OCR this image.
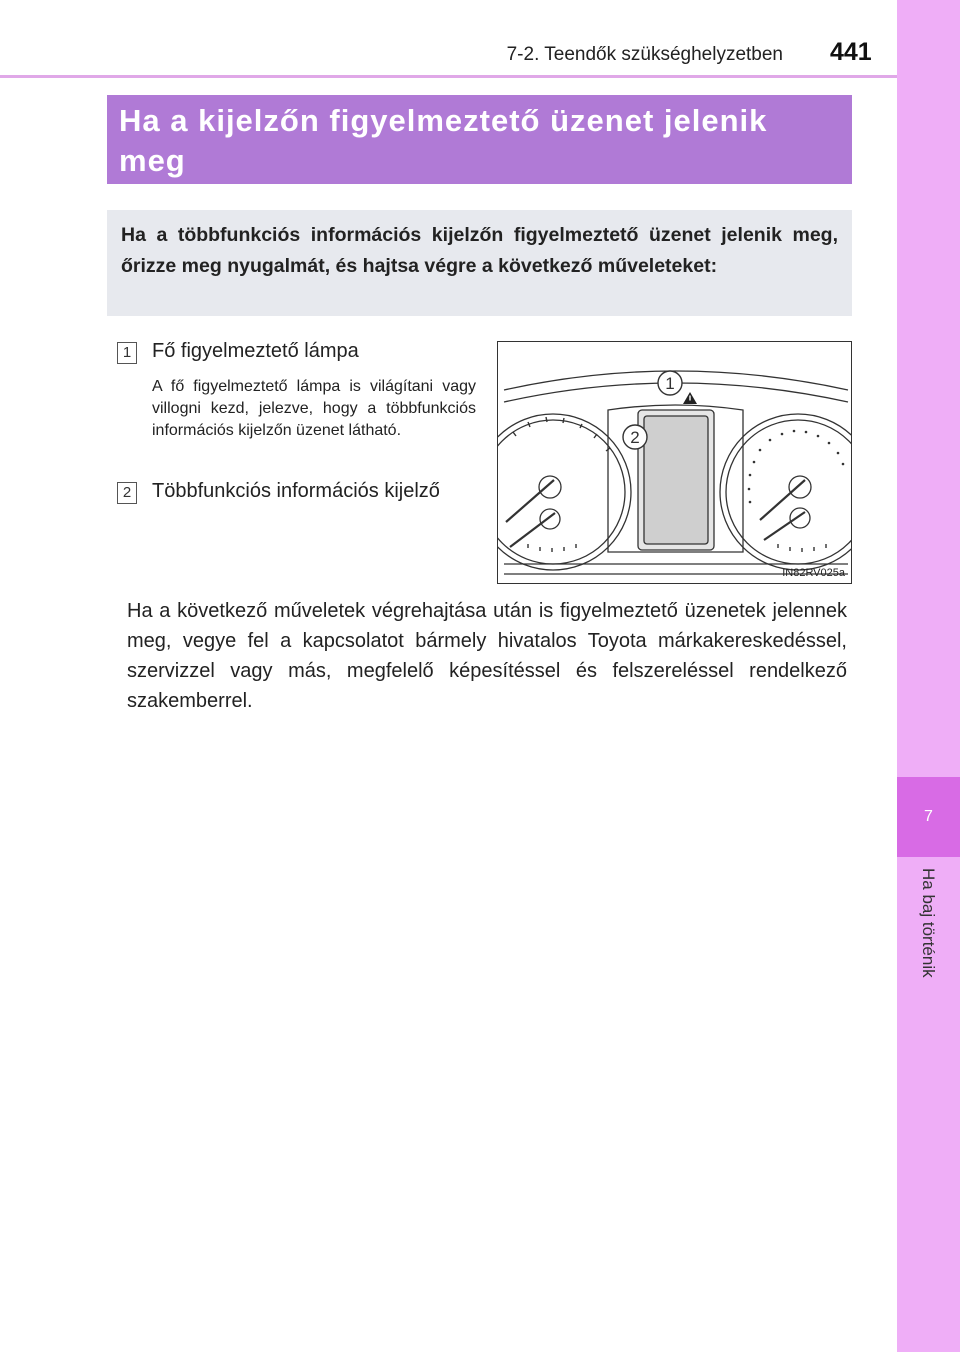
7-2. Teendők szükséghelyzetben 441
7
Ha baj történik
Ha a kijelzőn figyelmeztető üzenet jelenik meg

Ha a többfunkciós információs kijelzőn figyelmeztető üzenet jelenik meg, őrizze meg nyugalmát, és hajtsa végre a következő műveleteket:

1 Fő figyelmeztető lámpa

A fő figyelmeztető lámpa is világítani vagy villogni kezd, jelezve, hogy a többfunkciós információs kijelzőn üzenet látható.

2 Többfunkciós információs kijelző
1
2
IN82RV025a

Ha a következő műveletek végrehajtása után is figyelmeztető üzenetek jelennek meg, vegye fel a kapcsolatot bármely hivatalos Toyota márkakereskedéssel, szervizzel vagy más, megfelelő képesítéssel és felszereléssel rendelkező szakemberrel.
